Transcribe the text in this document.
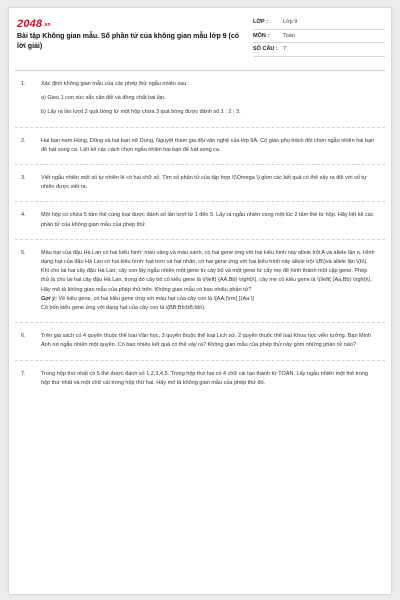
2048.vn
Bài tập Không gian mẫu. Số phần tử của không gian mẫu lớp 9 (có lời giải)
LỚP :	Lớp 9
MÔN :	Toán
SỐ CÂU : 7
1.	Xác định không gian mẫu của các phép thử ngẫu nhiên sau:

a) Gieo 1 con xúc xắc cân đối và đồng chất hai lần.

b) Lấy ra lần lượt 2 quả bóng từ một hộp chứa 3 quả bóng được đánh số 1 ; 2 ; 3.

2.	Hai bạn nam Hùng, Dũng và hai bạn nữ Dung, Nguyệt tham gia đội văn nghệ của lớp 9A. Cô giáo phụ trách đội chọn ngẫu nhiên hai bạn để hát song ca. Liệt kê các cách chọn ngẫu nhiên hai bạn để hát song ca.

3.	Viết ngẫu nhiên một số tự nhiên lẻ có hai chữ số. Tìm số phần tử của tập hợp \(\Omega \) gồm các kết quả có thể xảy ra đối với số tự nhiên được viết ra.

4.	Một hộp có chứa 5 tấm thẻ cùng loại được đánh số lần lượt từ 1 đến 5. Lấy ra ngẫu nhiên cùng một lúc 2 tấm thẻ từ hộp. Hãy liệt kê các phần tử của không gian mẫu của phép thử.

5.	Màu hạt của đậu Hà Lan có hai kiểu hình: màu vàng và màu xanh, có hai gene ứng với hai kiểu hình này allele trội A và allele lặn a. Hình dạng hạt của đậu Hà Lan có hai kiểu hình: hạt trơn và hạt nhăn, có hai gene ứng với hai kiểu hình này allele trội \(B\)và allele lặn \(b\). Khi cho lai hai cây đậu Hà Lan, cây con lấy ngẫu nhiên một gene từ cây bố và một gene từ cây mẹ để hình thành một cặp gene. Phép thử là cho lai hai cây đậu Hà Lan, trong đó cây bố có kiểu gene là \(\left( {AA,Bb} \right)\), cây mẹ có kiểu gene là \(\left( {Aa,Bb} \right)\). Hãy mô tả không gian mẫu của phép thử trên. Không gian mẫu có bao nhiêu phần tử?

Gợi ý: Về kiểu gene, có hai kiểu gene ứng với màu hạt của cây con là \[AA;{\rm{ }}Aa.\]

Có bốn kiểu gene ứng với dạng hạt của cây con là \(BB;Bb;bB;bb\).

6.	Trên giá sách có 4 quyển thuộc thể loại Văn học, 3 quyển thuộc thể loại Lịch sử, 2 quyển thuộc thể loại Khoa học viễn tưởng. Bạn Minh Anh rút ngẫu nhiên một quyển. Có bao nhiêu kết quả có thể xảy ra? Không gian mẫu của phép thử này gồm những phần tử nào?

7.	Trong hộp thứ nhất có 5 thẻ được đánh số 1,2,3,4,5. Trong hộp thứ hai có 4 chữ cái tạo thành từ TOÁN. Lấy ngẫu nhiên một thẻ trong hộp thứ nhất và một chữ cái trong hộp thứ hai. Hãy mô tả không gian mẫu của phép thử đó.
